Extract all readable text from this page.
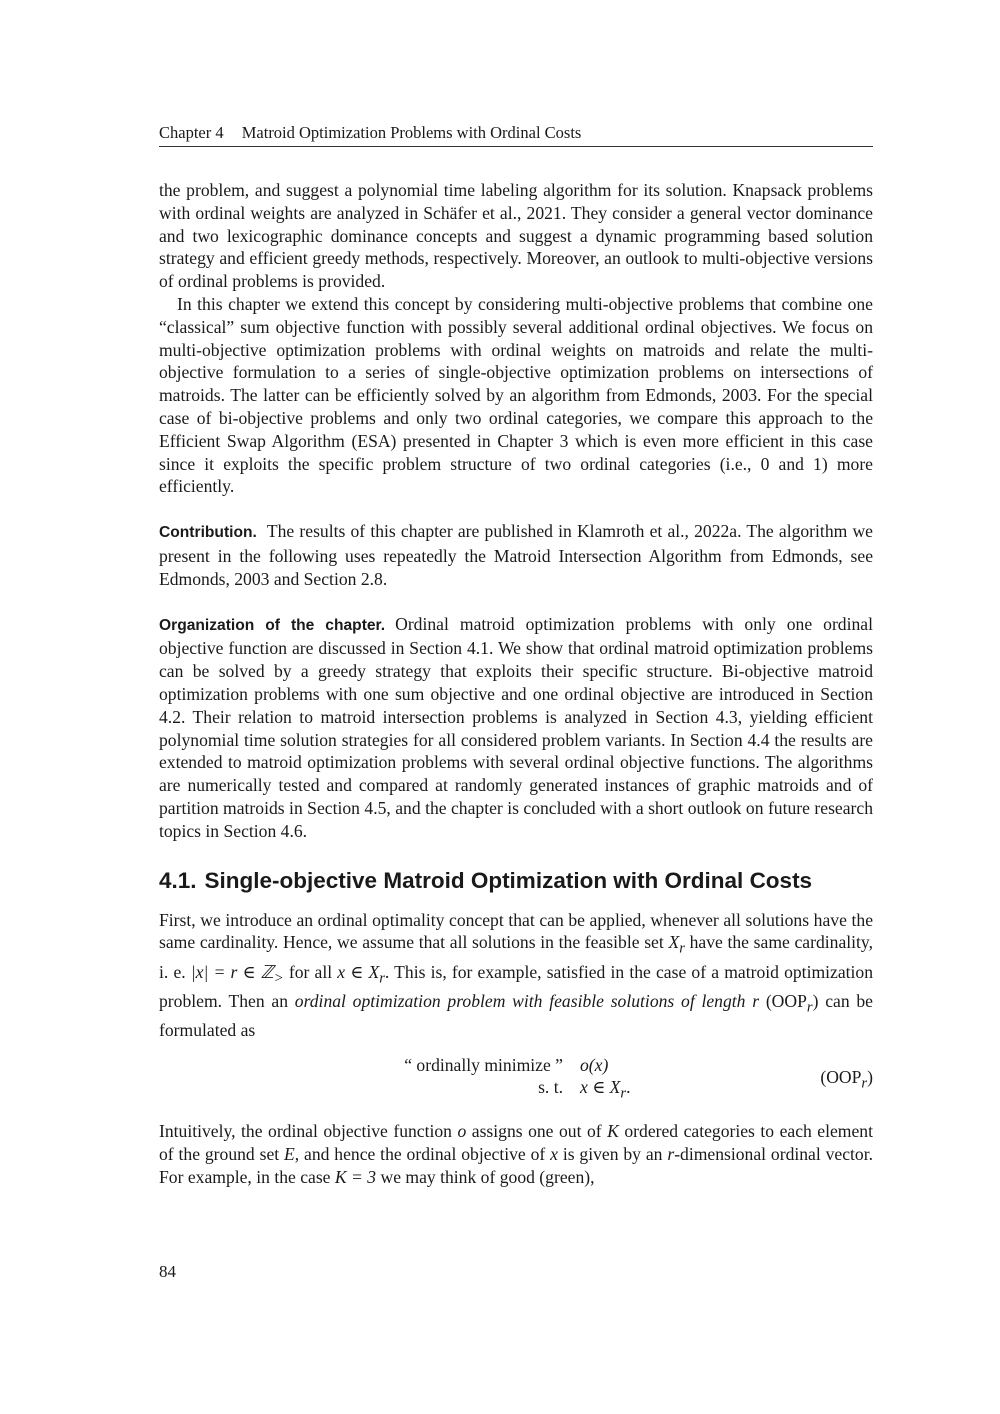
Chapter 4 Matroid Optimization Problems with Ordinal Costs

the problem, and suggest a polynomial time labeling algorithm for its solution. Knapsack problems with ordinal weights are analyzed in Schäfer et al., 2021. They consider a general vector dominance and two lexicographic dominance concepts and suggest a dynamic programming based solution strategy and efficient greedy methods, respectively. Moreover, an outlook to multi-objective versions of ordinal problems is provided.

In this chapter we extend this concept by considering multi-objective problems that combine one “classical” sum objective function with possibly several additional ordinal objectives. We focus on multi-objective optimization problems with ordinal weights on matroids and relate the multi-objective formulation to a series of single-objective optimization problems on intersections of matroids. The latter can be efficiently solved by an algorithm from Edmonds, 2003. For the special case of bi-objective problems and only two ordinal categories, we compare this approach to the Efficient Swap Algorithm (ESA) presented in Chapter 3 which is even more efficient in this case since it exploits the specific problem structure of two ordinal categories (i.e., 0 and 1) more efficiently.

Contribution. The results of this chapter are published in Klamroth et al., 2022a. The algorithm we present in the following uses repeatedly the Matroid Intersection Algorithm from Edmonds, see Edmonds, 2003 and Section 2.8.

Organization of the chapter. Ordinal matroid optimization problems with only one ordinal objective function are discussed in Section 4.1. We show that ordinal matroid optimization problems can be solved by a greedy strategy that exploits their specific structure. Bi-objective matroid optimization problems with one sum objective and one ordinal objective are introduced in Section 4.2. Their relation to matroid intersection problems is analyzed in Section 4.3, yielding efficient polynomial time solution strategies for all considered problem variants. In Section 4.4 the results are extended to matroid optimization problems with several ordinal objective functions. The algorithms are numerically tested and compared at randomly generated instances of graphic matroids and of partition matroids in Section 4.5, and the chapter is concluded with a short outlook on future research topics in Section 4.6.

4.1. Single-objective Matroid Optimization with Ordinal Costs

First, we introduce an ordinal optimality concept that can be applied, whenever all solutions have the same cardinality. Hence, we assume that all solutions in the feasible set $X_r$ have the same cardinality, i. e. |x| = r ∈ ℤ$_>$ for all x ∈ $X_r$. This is, for example, satisfied in the case of a matroid optimization problem. Then an ordinal optimization problem with feasible solutions of length r $(OOP_r)$ can be formulated as

“ ordinally minimize ” o(x)
s. t. x ∈ $X_r$.	$(OOP_r)$

Intuitively, the ordinal objective function o assigns one out of K ordered categories to each element of the ground set E, and hence the ordinal objective of x is given by an r-dimensional ordinal vector. For example, in the case K = 3 we may think of good (green),

84
